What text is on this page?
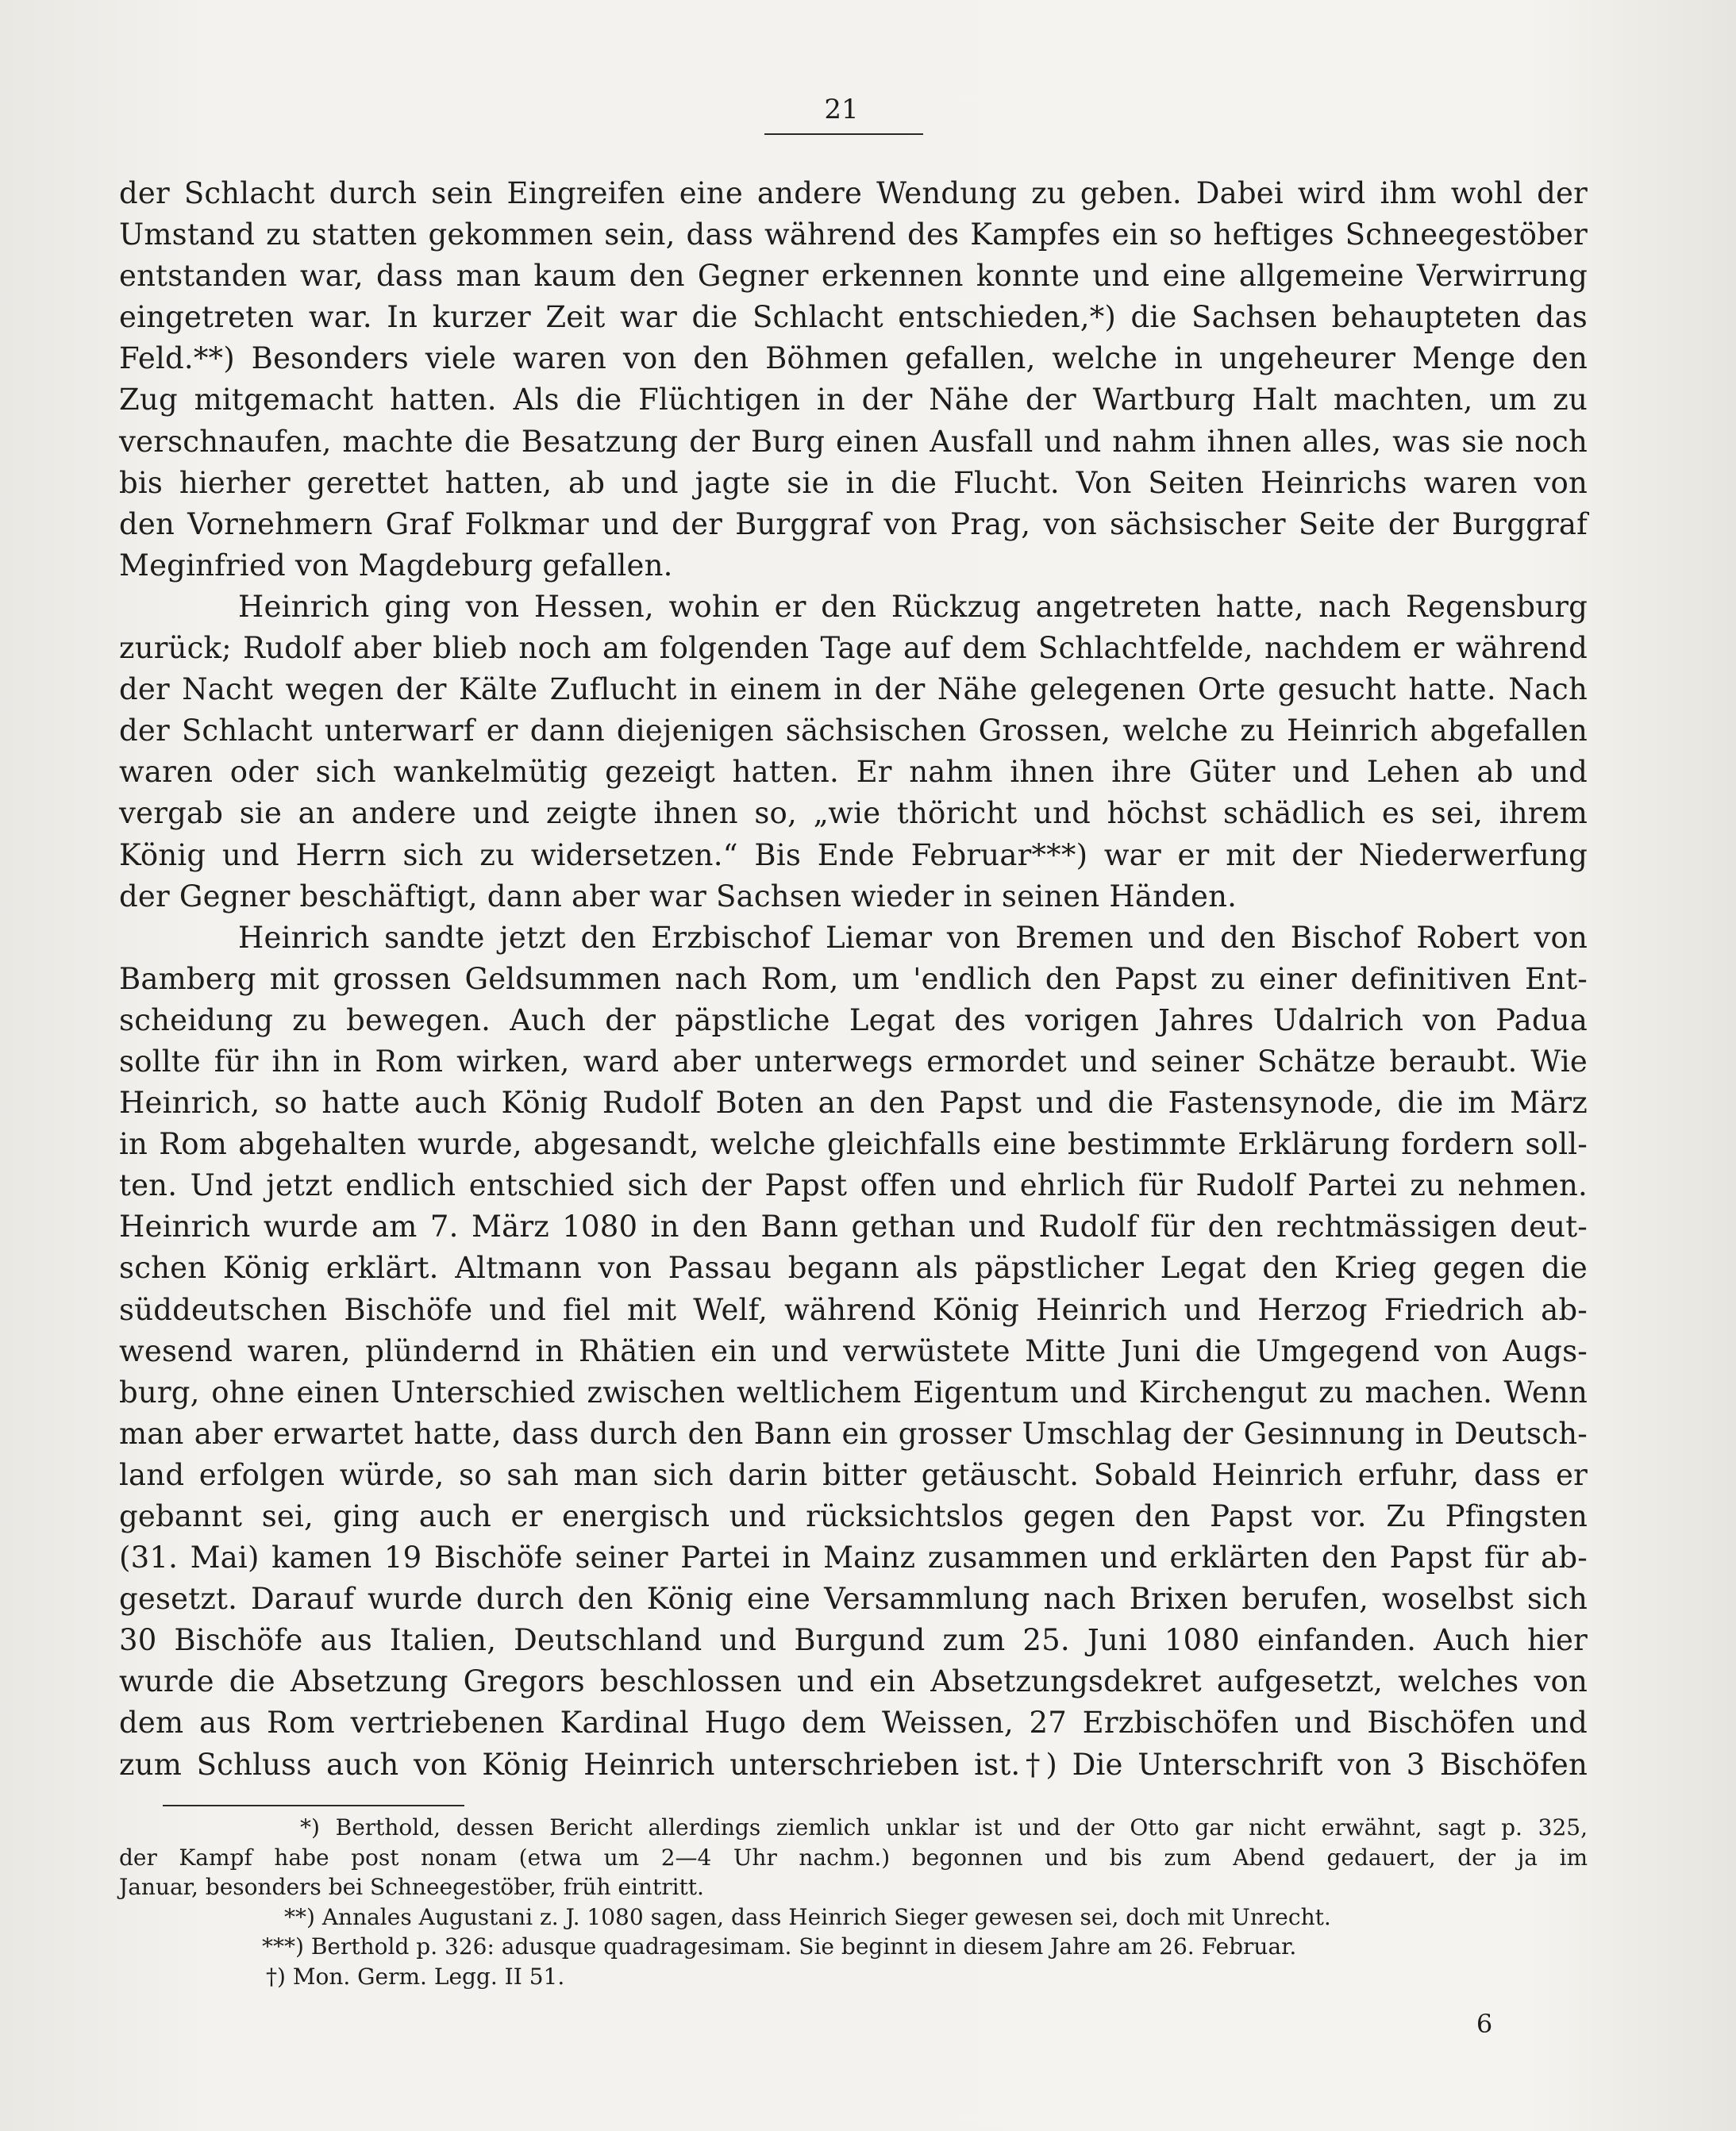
21
der Schlacht durch sein Eingreifen eine andere Wendung zu geben. Dabei wird ihm wohl der
Umstand zu statten gekommen sein, dass während des Kampfes ein so heftiges Schneegestöber
entstanden war, dass man kaum den Gegner erkennen konnte und eine allgemeine Verwirrung
eingetreten war. In kurzer Zeit war die Schlacht entschieden,*) die Sachsen behaupteten das
Feld.**) Besonders viele waren von den Böhmen gefallen, welche in ungeheurer Menge den
Zug mitgemacht hatten. Als die Flüchtigen in der Nähe der Wartburg Halt machten, um zu
verschnaufen, machte die Besatzung der Burg einen Ausfall und nahm ihnen alles, was sie noch
bis hierher gerettet hatten, ab und jagte sie in die Flucht. Von Seiten Heinrichs waren von
den Vornehmern Graf Folkmar und der Burggraf von Prag, von sächsischer Seite der Burggraf
Meginfried von Magdeburg gefallen.
Heinrich ging von Hessen, wohin er den Rückzug angetreten hatte, nach Regensburg
zurück; Rudolf aber blieb noch am folgenden Tage auf dem Schlachtfelde, nachdem er während
der Nacht wegen der Kälte Zuflucht in einem in der Nähe gelegenen Orte gesucht hatte. Nach
der Schlacht unterwarf er dann diejenigen sächsischen Grossen, welche zu Heinrich abgefallen
waren oder sich wankelmütig gezeigt hatten. Er nahm ihnen ihre Güter und Lehen ab und
vergab sie an andere und zeigte ihnen so, „wie thöricht und höchst schädlich es sei, ihrem
König und Herrn sich zu widersetzen.“ Bis Ende Februar***) war er mit der Niederwerfung
der Gegner beschäftigt, dann aber war Sachsen wieder in seinen Händen.
Heinrich sandte jetzt den Erzbischof Liemar von Bremen und den Bischof Robert von
Bamberg mit grossen Geldsummen nach Rom, um 'endlich den Papst zu einer definitiven Ent-
scheidung zu bewegen. Auch der päpstliche Legat des vorigen Jahres Udalrich von Padua
sollte für ihn in Rom wirken, ward aber unterwegs ermordet und seiner Schätze beraubt. Wie
Heinrich, so hatte auch König Rudolf Boten an den Papst und die Fastensynode, die im März
in Rom abgehalten wurde, abgesandt, welche gleichfalls eine bestimmte Erklärung fordern soll-
ten. Und jetzt endlich entschied sich der Papst offen und ehrlich für Rudolf Partei zu nehmen.
Heinrich wurde am 7. März 1080 in den Bann gethan und Rudolf für den rechtmässigen deut-
schen König erklärt. Altmann von Passau begann als päpstlicher Legat den Krieg gegen die
süddeutschen Bischöfe und fiel mit Welf, während König Heinrich und Herzog Friedrich ab-
wesend waren, plündernd in Rhätien ein und verwüstete Mitte Juni die Umgegend von Augs-
burg, ohne einen Unterschied zwischen weltlichem Eigentum und Kirchengut zu machen. Wenn
man aber erwartet hatte, dass durch den Bann ein grosser Umschlag der Gesinnung in Deutsch-
land erfolgen würde, so sah man sich darin bitter getäuscht. Sobald Heinrich erfuhr, dass er
gebannt sei, ging auch er energisch und rücksichtslos gegen den Papst vor. Zu Pfingsten
(31. Mai) kamen 19 Bischöfe seiner Partei in Mainz zusammen und erklärten den Papst für ab-
gesetzt. Darauf wurde durch den König eine Versammlung nach Brixen berufen, woselbst sich
30 Bischöfe aus Italien, Deutschland und Burgund zum 25. Juni 1080 einfanden. Auch hier
wurde die Absetzung Gregors beschlossen und ein Absetzungsdekret aufgesetzt, welches von
dem aus Rom vertriebenen Kardinal Hugo dem Weissen, 27 Erzbischöfen und Bischöfen und
zum Schluss auch von König Heinrich unterschrieben ist.†) Die Unterschrift von 3 Bischöfen
*) Berthold, dessen Bericht allerdings ziemlich unklar ist und der Otto gar nicht erwähnt, sagt p. 325,
der Kampf habe post nonam (etwa um 2—4 Uhr nachm.) begonnen und bis zum Abend gedauert, der ja im
Januar, besonders bei Schneegestöber, früh eintritt.
**) Annales Augustani z. J. 1080 sagen, dass Heinrich Sieger gewesen sei, doch mit Unrecht.
***) Berthold p. 326: adusque quadragesimam. Sie beginnt in diesem Jahre am 26. Februar.
†) Mon. Germ. Legg. II 51.
6
